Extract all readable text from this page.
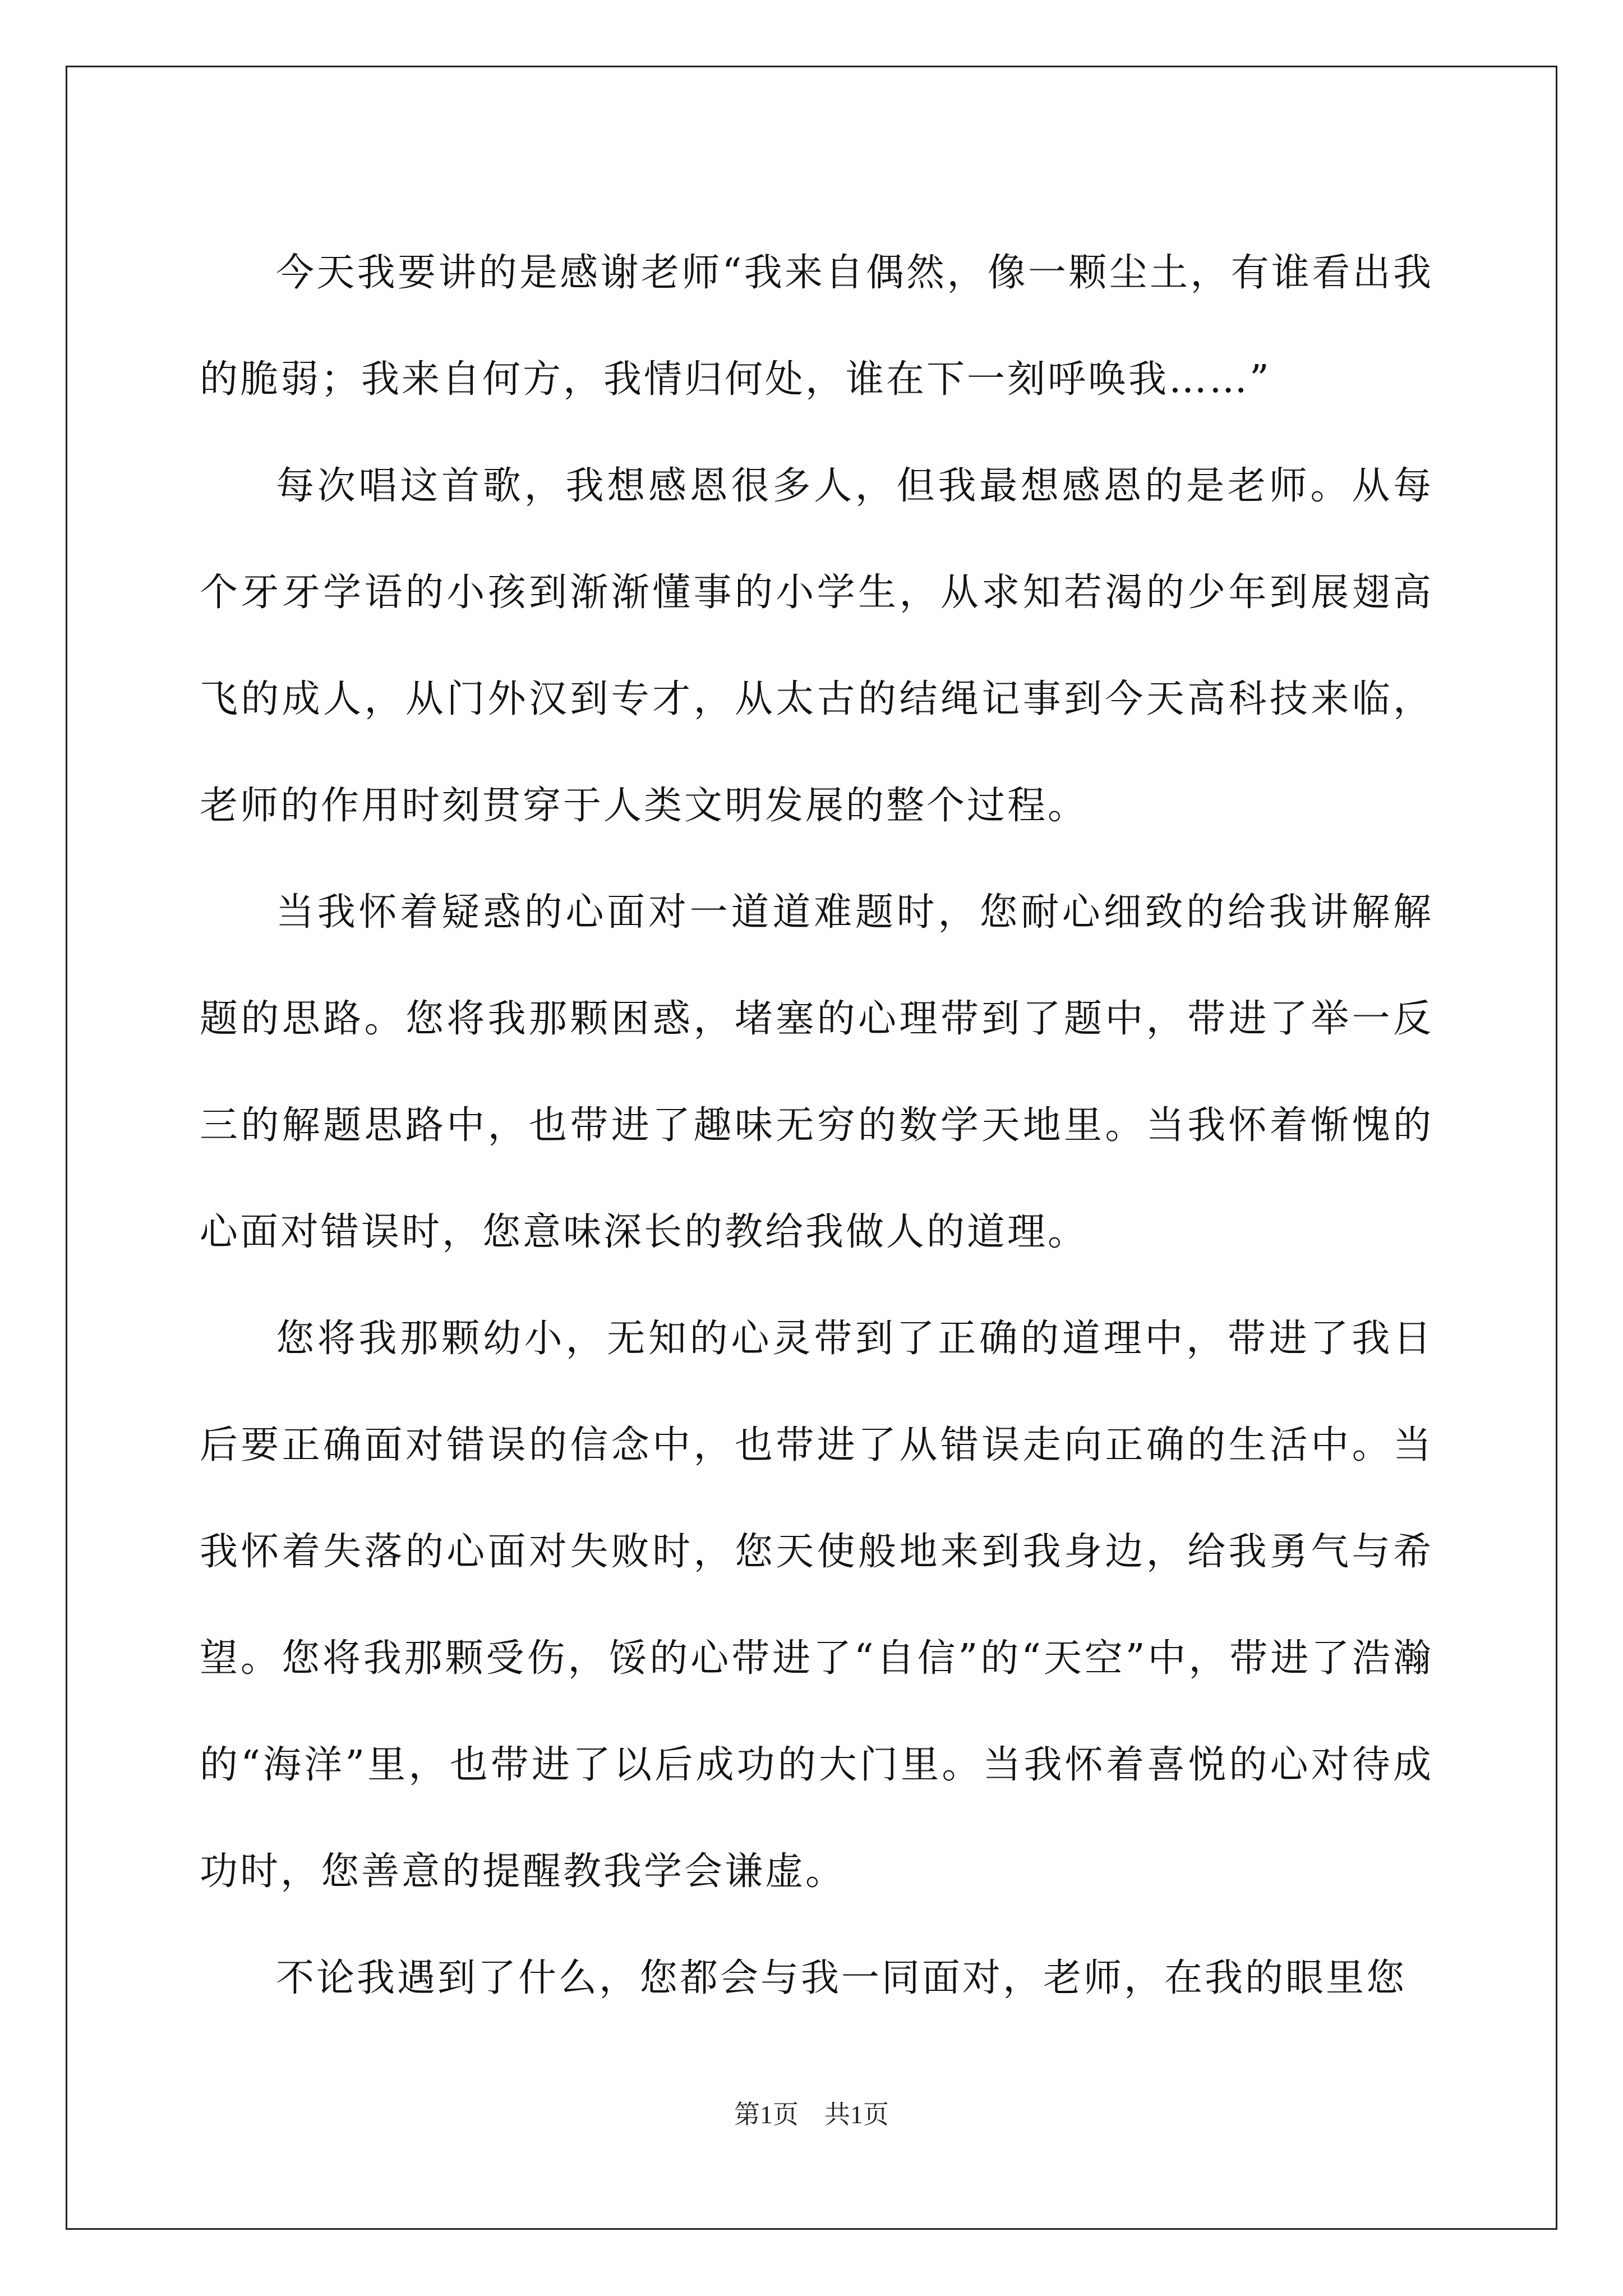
今天我要讲的是感谢老师“我来自偶然，像一颗尘土，有谁看出我的脆弱；我来自何方，我情归何处，谁在下一刻呼唤我……”

每次唱这首歌，我想感恩很多人，但我最想感恩的是老师。从每个牙牙学语的小孩到渐渐懂事的小学生，从求知若渴的少年到展翅高飞的成人，从门外汉到专才，从太古的结绳记事到今天高科技来临，老师的作用时刻贯穿于人类文明发展的整个过程。

当我怀着疑惑的心面对一道道难题时，您耐心细致的给我讲解解题的思路。您将我那颗困惑，堵塞的心理带到了题中，带进了举一反三的解题思路中，也带进了趣味无穷的数学天地里。当我怀着惭愧的心面对错误时，您意味深长的教给我做人的道理。

您将我那颗幼小，无知的心灵带到了正确的道理中，带进了我日后要正确面对错误的信念中，也带进了从错误走向正确的生活中。当我怀着失落的心面对失败时，您天使般地来到我身边，给我勇气与希望。您将我那颗受伤，馁的心带进了“自信”的“天空”中，带进了浩瀚的“海洋”里，也带进了以后成功的大门里。当我怀着喜悦的心对待成功时，您善意的提醒教我学会谦虚。

不论我遇到了什么，您都会与我一同面对，老师，在我的眼里您

第1页 共1页
